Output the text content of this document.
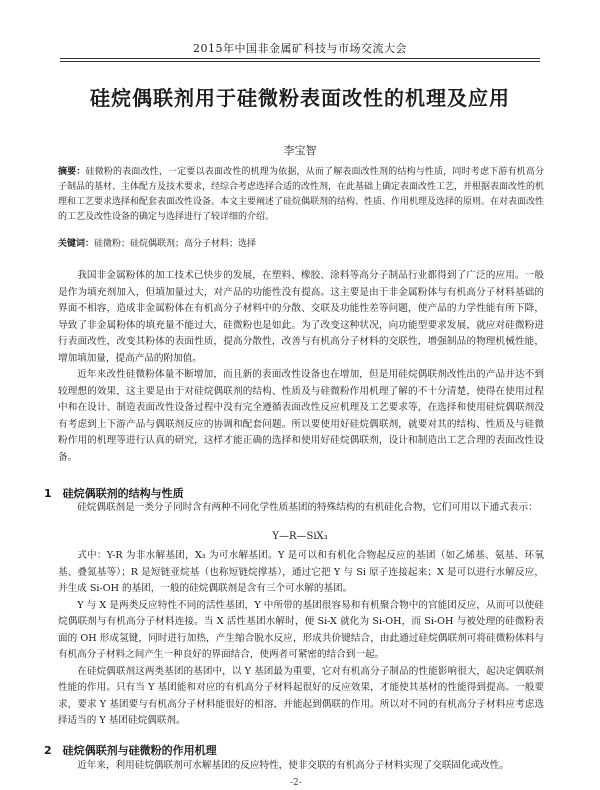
2015年中国非金属矿科技与市场交流大会
硅烷偶联剂用于硅微粉表面改性的机理及应用
李宝智
摘要：硅微粉的表面改性，一定要以表面改性的机理为依据，从而了解表面改性剂的结构与性质，同时考虑下游有机高分子制品的基材、主体配方及技术要求，经综合考虑选择合适的改性剂，在此基础上确定表面改性工艺，并根据表面改性的机理和工艺要求选择和配套表面改性设备。本文主要阐述了硅烷偶联剂的结构、性质、作用机理及选择的原则。在对表面改性的工艺及改性设备的确定与选择进行了较详细的介绍。
关键词：硅微粉；硅烷偶联剂；高分子材料；选择

我国非金属粉体的加工技术已快步的发展，在塑料、橡胶、涂料等高分子制品行业都得到了广泛的应用。一般是作为填充剂加入，但填加量过大，对产品的功能性没有提高。这主要是由于非金属粉体与有机高分子材料基础的界面不相容，造成非金属粉体在有机高分子材料中的分散、交联及功能性差等问题，使产品的力学性能有所下降，导致了非金属粉体的填充量不能过大，硅微粉也是如此。为了改变这种状况，向功能型要求发展，就应对硅微粉进行表面改性，改变其粉体的表面性质，提高分散性，改善与有机高分子材料的交联性，增强制品的物理机械性能，增加填加量，提高产品的附加值。

近年来改性硅微粉体量不断增加，而且新的表面改性设备也在增加，但是用硅烷偶联剂改性出的产品并达不到较理想的效果，这主要是由于对硅烷偶联剂的结构、性质及与硅微粉作用机理了解的不十分清楚，使得在使用过程中和在设计、制造表面改性设备过程中没有完全遵循表面改性反应机理及工艺要求等，在选择和使用硅烷偶联剂没有考虑到上下游产品与偶联剂反应的协调和配套问题。所以要使用好硅烷偶联剂，就要对其的结构、性质及与硅微粉作用的机理等进行认真的研究，这样才能正确的选择和使用好硅烷偶联剂，设计和制造出工艺合理的表面改性设备。

1　硅烷偶联剂的结构与性质

硅烷偶联剂是一类分子同时含有两种不同化学性质基团的特殊结构的有机硅化合物，它们可用以下通式表示：

Y—R—SiX₃

式中：Y-R 为非水解基团，X₃ 为可水解基团。Y 是可以和有机化合物起反应的基团（如乙烯基、氨基、环氧基、叠氮基等）；R 是短链亚烷基（也称短链烷撑基），通过它把 Y 与 Si 原子连接起来；X 是可以进行水解反应，并生成 Si-OH 的基团，一般的硅烷偶联剂是含有三个可水解的基团。

Y 与 X 是两类反应特性不同的活性基团，Y 中所带的基团很容易和有机聚合物中的官能团反应，从而可以使硅烷偶联剂与有机高分子材料连接。当 X 活性基团水解时，便 Si-X 就化为 Si-OH，而 Si-OH 与被处理的硅微粉表面的 OH 形成氢键，同时进行加热，产生缩合脱水反应，形成共价键结合，由此通过硅烷偶联剂可将硅微粉体料与有机高分子材料之间产生一种良好的界面结合，使两者可紧密的结合到一起。

在硅烷偶联剂这两类基团的基团中，以 Y 基团最为重要，它对有机高分子制品的性能影响很大，起决定偶联剂性能的作用。只有当 Y 基团能和对应的有机高分子材料起很好的反应效果，才能使其基材的性能得到提高。一般要求，要求 Y 基团要与有机高分子材料能很好的相溶，并能起到偶联的作用。所以对不同的有机高分子材料应考虑选择适当的 Y 基团硅烷偶联剂。

2　硅烷偶联剂与硅微粉的作用机理

近年来，利用硅烷偶联剂可水解基团的反应特性，使非交联的有机高分子材料实现了交联固化或改性。

-2-
